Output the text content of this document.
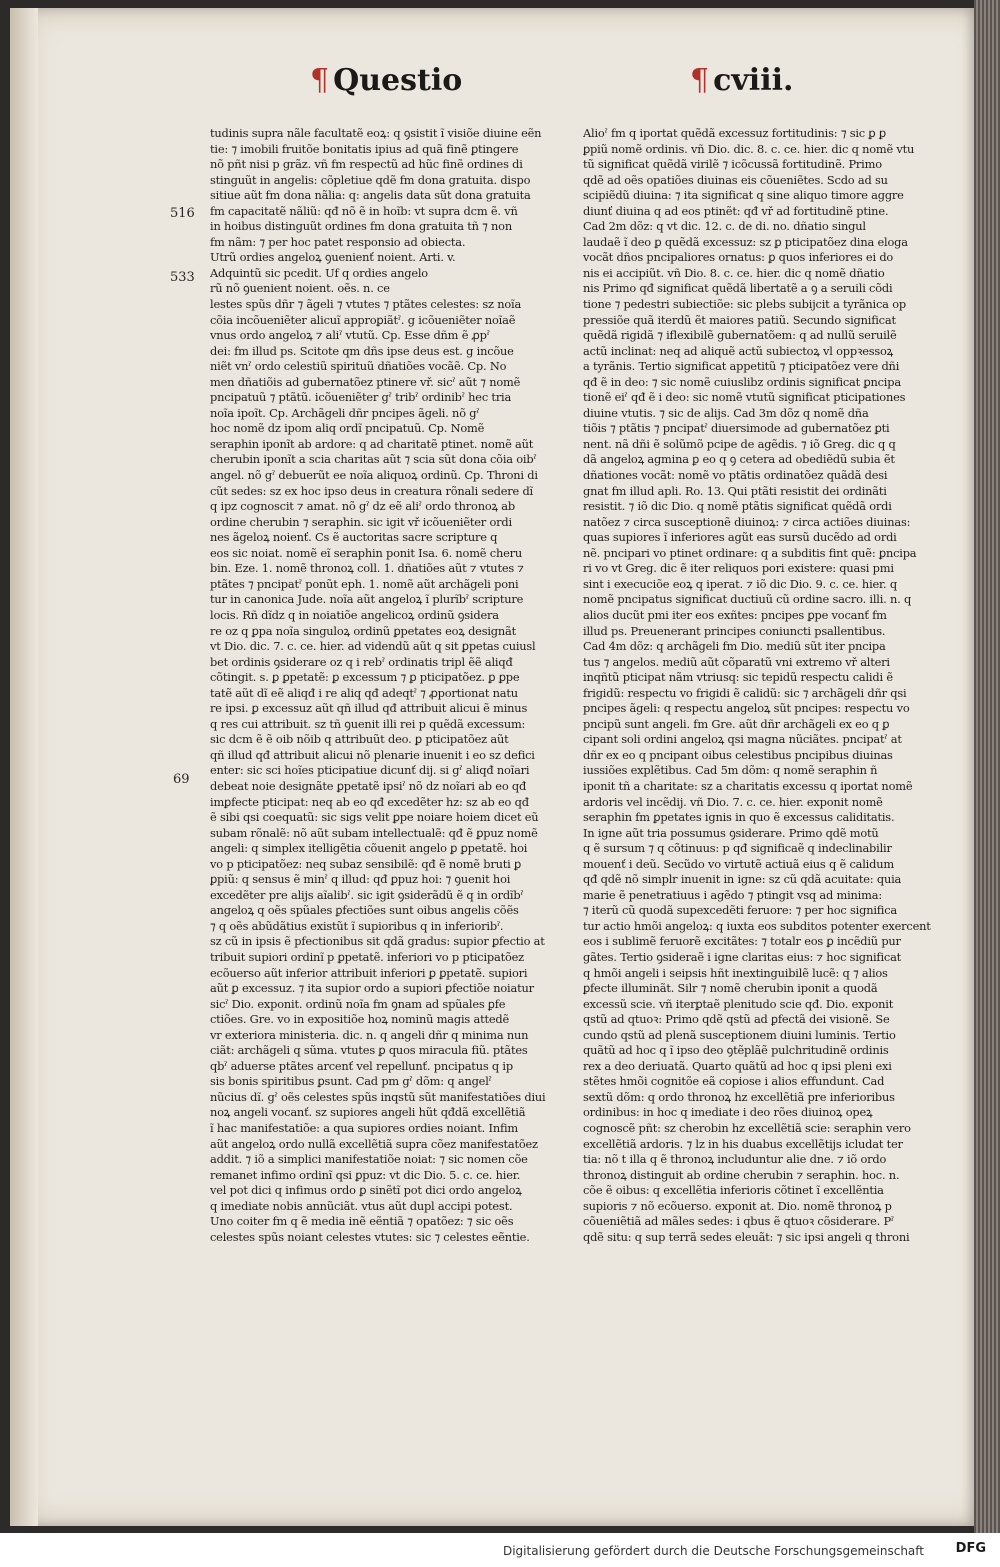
¶ Questio	¶ cviii.
516
533
69
tudinis supra nãle facultatẽ eoꝝ: q ꝯsistit ĩ visiõe diuine eẽn
tie: ⁊ imobili fruitõe bonitatis ipius ad quã finẽ ꝑtingere
nõ pñt nisi p grãz. vñ fm respectũ ad hũc finẽ ordines di
stinguũt in angelis: cõpletiue qdẽ fm dona gratuita. dispo
sitiue aũt fm dona nãlia: q: angelis data sũt dona gratuita
fm capacitatẽ nãliũ: qđ nõ ẽ in hoĩb: vt supra dcm ẽ. vñ
in hoibus distinguũt ordines fm dona gratuita tñ ⁊ non
fm nãm: ⁊ per hoc patet responsio ad obiecta.
Utrũ ordies angeloꝝ ꝯuenienť noient. Arti. v.
Adquintũ sic pcedit. Uf q ordies angelo
rũ nõ ꝯuenient noient. oẽs. n. ce
lestes spũs dñr ⁊ ãgeli ⁊ vtutes ⁊ ptãtes celestes: sz noĩa
cõia incõueniẽter alicuĩ approꝑiãtˀ. g icõueniẽter noĩaẽ
vnus ordo angeloꝝ ⁊ aliˀ vtutũ. Cp. Esse dñm ẽ ꝓpˀ
dei: fm illud ps. Scitote qm dñs ipse deus est. g incõue
niẽt vnˀ ordo celestiũ spirituũ dñatiões vocãẽ. Cp. No
men dñatiõis ad gubernatõez ptinere vř. sicˀ aũt ⁊ nomẽ
pncipatuũ ⁊ ptãtũ. icõueniẽter gˀ tribˀ ordinibˀ hec tria
noĩa ipoĩt. Cp. Archãgeli dñr pncipes ãgeli. nõ gˀ
hoc nomẽ dz ipom aliq ordĩ pncipatuũ. Cp. Nomẽ
seraphin iponĩt ab ardore: q ad charitatẽ ptinet. nomẽ aũt
cherubin iponĩt a scia charitas aũt ⁊ scia sũt dona cõia oibˀ
angel. nõ gˀ debuerũt ee noĩa aliquoꝝ ordinũ. Cp. Throni di
cũt sedes: sz ex hoc ipso deus in creatura rõnali sedere dĩ
q ipz cognoscit ⁊ amat. nõ gˀ dz eẽ aliˀ ordo thronoꝝ ab
ordine cherubin ⁊ seraphin. sic igit vř icõueniẽter ordi
nes ãgeloꝝ noienť. Cs ẽ auctoritas sacre scripture q
eos sic noiat. nomẽ eĩ seraphin ponit Isa. 6. nomẽ cheru
bin. Eze. 1. nomẽ thronoꝝ coll. 1. dñatiões aũt ⁊ vtutes ⁊
ptãtes ⁊ pncipatˀ ponũt eph. 1. nomẽ aũt archãgeli poni
tur in canonica Jude. noĩa aũt angeloꝝ ĩ plurĩbˀ scripture
locis. Rñ dĩdz q in noiatiõe angelicoꝝ ordinũ ꝯsidera
re oz q ꝑpa noĩa singuloꝝ ordinũ ꝑpetates eoꝝ designãt
vt Dio. dic. 7. c. ce. hier. ad videndũ aũt q sit ꝑpetas cuiusl
bet ordinis ꝯsiderare oz q i rebˀ ordinatis tripl ẽẽ aliqđ
cõtingit. s. ꝑ ꝑpetatẽ: ꝑ excessum ⁊ ꝑ pticipatõez. ꝑ ꝑpe
tatẽ aũt dĩ eẽ aliqđ i re aliq qđ adeqtˀ ⁊ ꝓportionat natu
re ipsi. ꝑ excessuz aũt qñ illud qđ attribuit alicui ẽ minus
q res cui attribuit. sz tñ ꝯuenit illi rei p quẽdã excessum:
sic dcm ẽ ẽ oib nõib q attribuũt deo. ꝑ pticipatõez aũt
qñ illud qđ attribuit alicui nõ plenarie inuenit i eo sz defici
enter: sic sci hoĩes pticipatiue dicunť dij. si gˀ aliqđ noĩari
debeat noie designãte ꝑpetatẽ ipsiˀ nõ dz noĩari ab eo qđ
imꝑfecte pticipat: neq ab eo qđ excedẽter hz: sz ab eo qđ
ẽ sibi qsi coequatũ: sic sigs velit ꝑpe noiare hoiem dicet eũ
subam rõnalẽ: nõ aũt subam intellectualẽ: qđ ẽ ꝑpuz nomẽ
angeli: q simplex itelligẽtia cõuenit angelo ꝑ ꝑpetatẽ. hoi
vo p pticipatõez: neq subaz sensibilẽ: qđ ẽ nomẽ bruti ꝑ
ꝑpiũ: q sensus ẽ minˀ q illud: qđ ꝑpuz hoi: ⁊ ꝯuenit hoi
excedẽter pre alijs aĩalibˀ. sic igit ꝯsiderãdũ ẽ q in ordĩbˀ
angeloꝝ q oẽs spũales ꝑfectiões sunt oibus angelis cõẽs
⁊ q oẽs abũdãtius existũt ĩ supioribus q in inferioribˀ.
sz cũ in ipsis ẽ pfectionibus sit qdã gradus: supior ꝑfectio at
tribuit supiori ordinĩ p ꝑpetatẽ. inferiori vo p pticipatõez
ecõuerso aũt inferior attribuit inferiori ꝑ ꝑpetatẽ. supiori
aũt ꝑ excessuz. ⁊ ita supior ordo a supiori ꝑfectiõe noiatur
sicˀ Dio. exponit. ordinũ noĩa fm ꝯnam ad spũales ꝑfe
ctiões. Gre. vo in expositiõe hoꝝ nominũ magis attedẽ
vr exteriora ministeria. dic. n. q angeli dñr q minima nun
ciãt: archãgeli q sũma. vtutes ꝑ quos miracula fiũ. ptãtes
qbˀ aduerse ptãtes arcenť vel repellunť. pncipatus q ip
sis bonis spiritibus ꝑsunt. Cad pm gˀ dõm: q angelˀ
nũcius dĩ. gˀ oẽs celestes spũs inqstũ sũt manifestatiões diui
noꝝ angeli vocanť. sz supiores angeli hũt qđdã excellẽtiã
ĩ hac manifestatiõe: a qua supiores ordies noiant. Infim
aũt angeloꝝ ordo nullã excellẽtiã supra cõez manifestatõez
addit. ⁊ iõ a simplici manifestatiõe noiat: ⁊ sic nomen cõe
remanet infimo ordinĩ qsi ꝑpuz: vt dic Dio. 5. c. ce. hier.
vel pot dici q infimus ordo ꝑ sinẽtĩ pot dici ordo angeloꝝ
q imediate nobis annũciãt. vtus aũt dupl accipi potest.
Uno coiter fm q ẽ media inẽ eẽntiã ⁊ opatõez: ⁊ sic oẽs
celestes spũs noiant celestes vtutes: sic ⁊ celestes eẽntie.
Alioˀ fm q iportat quẽdã excessuz fortitudinis: ⁊ sic ꝑ ꝑ
ꝑpiũ nomẽ ordinis. vñ Dio. dic. 8. c. ce. hier. dic q nomẽ vtu
tũ significat quẽdã virilẽ ⁊ icõcussã fortitudinẽ. Primo
qdẽ ad oẽs opatiões diuinas eis cõueniẽtes. Scdo ad su
scipiẽdũ diuina: ⁊ ita significat q sine aliquo timore aggre
diunť diuina q ad eos ptinẽt: qđ vř ad fortitudinẽ ptine.
Cad 2m dõz: q vt dic. 12. c. de di. no. dñatio singul
laudaẽ ĩ deo ꝑ quẽdã excessuz: sz ꝑ pticipatõez dina eloga
vocãt dños pncipaliores ornatus: ꝑ quos inferiores ei do
nis ei accipiũt. vñ Dio. 8. c. ce. hier. dic q nomẽ dñatio
nis Primo qđ significat quẽdã libertatẽ a ꝯ a seruili cõdi
tione ⁊ pedestri subiectiõe: sic plebs subijcit a tyrãnica op
pressiõe quã iterdũ ẽt maiores patiũ. Secundo significat
quẽdã rigidã ⁊ iflexibilẽ gubernatõem: q ad nullũ seruilẽ
actũ inclinat: neq ad aliquẽ actũ subiectoꝝ vl oppꝛessoꝝ
a tyrãnis. Tertio significat appetitũ ⁊ pticipatõez vere dñi
qđ ẽ in deo: ⁊ sic nomẽ cuiuslibz ordinis significat ꝑncipa
tionẽ eiˀ qđ ẽ i deo: sic nomẽ vtutũ significat pticipationes
diuine vtutis. ⁊ sic de alijs. Cad 3m dõz q nomẽ dña
tiõis ⁊ ptãtis ⁊ pncipatˀ diuersimode ad gubernatõez ꝑti
nent. nã dñi ẽ solũmõ pcipe de agẽdis. ⁊ iõ Greg. dic q q
dã angeloꝝ agmina ꝑ eo q ꝯ cetera ad obediẽdũ subia ẽt
dñationes vocãt: nomẽ vo ptãtis ordinatõez quãdã desi
gnat fm illud apli. Ro. 13. Qui ptãti resistit dei ordinãti
resistit. ⁊ iõ dic Dio. q nomẽ ptãtis significat quẽdã ordi
natõez ⁊ circa susceptionẽ diuinoꝝ: ⁊ circa actiões diuinas:
quas supiores ĩ inferiores agũt eas sursũ ducẽdo ad ordi
nẽ. pncipari vo ptinet ordinare: q a subditis fint quẽ: ꝑncipa
ri vo vt Greg. dic ẽ iter reliquos pori existere: quasi pmi
sint i execuciõe eoꝝ q iperat. ⁊ iõ dic Dio. 9. c. ce. hier. q
nomẽ pncipatus significat ductiuũ cũ ordine sacro. illi. n. q
alios ducũt pmi iter eos exñtes: pncipes ꝑpe vocanť fm
illud ps. Preuenerant principes coniuncti psallentibus.
Cad 4m dõz: q archãgeli fm Dio. mediũ sũt iter pncipa
tus ⁊ angelos. mediũ aũt cõparatũ vni extremo vř alteri
inqñtũ pticipat nãm vtriusq: sic tepidũ respectu calidi ẽ
frigidũ: respectu vo frigidi ẽ calidũ: sic ⁊ archãgeli dñr qsi
pncipes ãgeli: q respectu angeloꝝ sũt pncipes: respectu vo
pncipũ sunt angeli. fm Gre. aũt dñr archãgeli ex eo q ꝑ
cipant soli ordini angeloꝝ qsi magna nũciãtes. pncipatˀ at
dñr ex eo q pncipant oibus celestibus pncipibus diuinas
iussiões explẽtibus. Cad 5m dõm: q nomẽ seraphin ñ
iponit tñ a charitate: sz a charitatis excessu q iportat nomẽ
ardoris vel incẽdij. vñ Dio. 7. c. ce. hier. exponit nomẽ
seraphin fm ꝑpetates ignis in quo ẽ excessus caliditatis.
In igne aũt tria possumus ꝯsiderare. Primo qdẽ motũ
q ẽ sursum ⁊ q cõtinuus: p qđ significaẽ q indeclinabilir
mouenť i deũ. Secũdo vo virtutẽ actiuã eius q ẽ calidum
qđ qdẽ nõ simplr inuenit in igne: sz cũ qdã acuitate: quia
marie ẽ penetratiuus i agẽdo ⁊ ptingit vsq ad minima:
⁊ iterũ cũ quodã supexcedẽti feruore: ⁊ per hoc significa
tur actio hmõi angeloꝝ: q iuxta eos subditos potenter exercent
eos i sublimẽ feruorẽ excitãtes: ⁊ totalr eos ꝑ incẽdiũ pur
gãtes. Tertio ꝯsideraẽ i igne claritas eius: ⁊ hoc significat
q hmõi angeli i seipsis hñt inextinguibilẽ lucẽ: q ⁊ alios
ꝑfecte illuminãt. Silr ⁊ nomẽ cherubin iponit a quodã
excessũ scie. vñ iterꝑtaẽ plenitudo scie qđ. Dio. exponit
qstũ ad qtuoꝛ: Primo qdẽ qstũ ad ꝑfectã dei visionẽ. Se
cundo qstũ ad plenã susceptionem diuini luminis. Tertio
quãtũ ad hoc q ĩ ipso deo ꝯtẽplãẽ pulchritudinẽ ordinis
rex a deo deriuatã. Quarto quãtũ ad hoc q ipsi pleni exi
stẽtes hmõi cognitõe eã copiose i alios effundunt. Cad
sextũ dõm: q ordo thronoꝝ hz excellẽtiã pre inferioribus
ordinibus: in hoc q imediate i deo rões diuinoꝝ opeꝝ
cognoscẽ pñt: sz cherobin hz excellẽtiã scie: seraphin vero
excellẽtiã ardoris. ⁊ lz in his duabus excellẽtijs icludat ter
tia: nõ t illa q ẽ thronoꝝ includuntur alie dne. ⁊ iõ ordo
thronoꝝ distinguit ab ordine cherubin ⁊ seraphin. hoc. n.
cõe ẽ oibus: q excellẽtia inferioris cõtinet ĩ excellẽntia
supioris ⁊ nõ ecõuerso. exponit at. Dio. nomẽ thronoꝝ p
cõueniẽtiã ad mãles sedes: i qbus ẽ qtuoꝛ cõsiderare. Pˀ
qdẽ situ: q sup terrã sedes eleuãt: ⁊ sic ipsi angeli q throni
Digitalisierung gefördert durch die Deutsche Forschungsgemeinschaft DFG
